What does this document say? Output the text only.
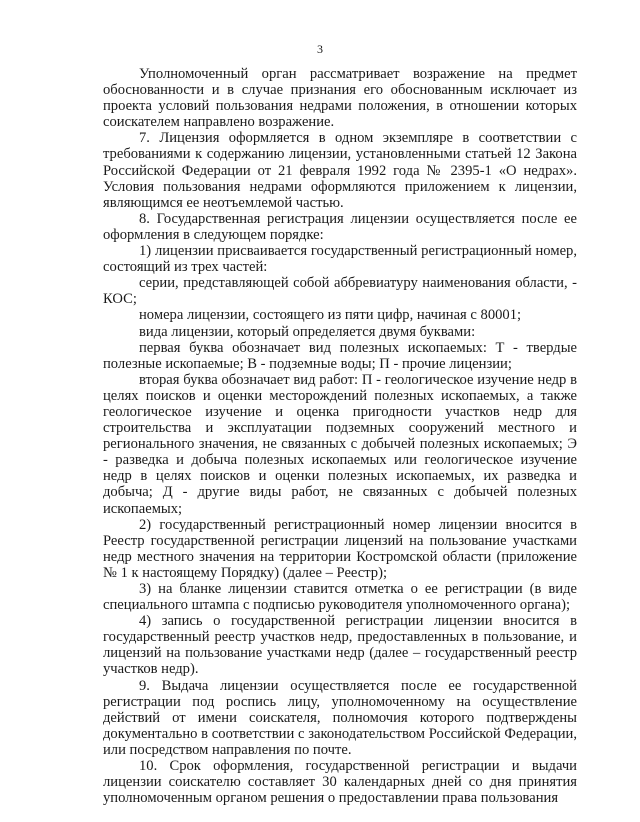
3

Уполномоченный орган рассматривает возражение на предмет обоснованности и в случае признания его обоснованным исключает из проекта условий пользования недрами положения, в отношении которых соискателем направлено возражение.

7. Лицензия оформляется в одном экземпляре в соответствии с требованиями к содержанию лицензии, установленными статьей 12 Закона Российской Федерации от 21 февраля 1992 года № 2395-1 «О недрах». Условия пользования недрами оформляются приложением к лицензии, являющимся ее неотъемлемой частью.

8. Государственная регистрация лицензии осуществляется после ее оформления в следующем порядке:

1) лицензии присваивается государственный регистрационный номер, состоящий из трех частей:

серии, представляющей собой аббревиатуру наименования области, - КОС;

номера лицензии, состоящего из пяти цифр, начиная с 80001;

вида лицензии, который определяется двумя буквами:

первая буква обозначает вид полезных ископаемых: Т - твердые полезные ископаемые; В - подземные воды; П - прочие лицензии;

вторая буква обозначает вид работ: П - геологическое изучение недр в целях поисков и оценки месторождений полезных ископаемых, а также геологическое изучение и оценка пригодности участков недр для строительства и эксплуатации подземных сооружений местного и регионального значения, не связанных с добычей полезных ископаемых; Э - разведка и добыча полезных ископаемых или геологическое изучение недр в целях поисков и оценки полезных ископаемых, их разведка и добыча; Д - другие виды работ, не связанных с добычей полезных ископаемых;

2) государственный регистрационный номер лицензии вносится в Реестр государственной регистрации лицензий на пользование участками недр местного значения на территории Костромской области (приложение № 1 к настоящему Порядку) (далее – Реестр);

3) на бланке лицензии ставится отметка о ее регистрации (в виде специального штампа с подписью руководителя уполномоченного органа);

4) запись о государственной регистрации лицензии вносится в государственный реестр участков недр, предоставленных в пользование, и лицензий на пользование участками недр (далее – государственный реестр участков недр).

9. Выдача лицензии осуществляется после ее государственной регистрации под роспись лицу, уполномоченному на осуществление действий от имени соискателя, полномочия которого подтверждены документально в соответствии с законодательством Российской Федерации, или посредством направления по почте.

10. Срок оформления, государственной регистрации и выдачи лицензии соискателю составляет 30 календарных дней со дня принятия уполномоченным органом решения о предоставлении права пользования
